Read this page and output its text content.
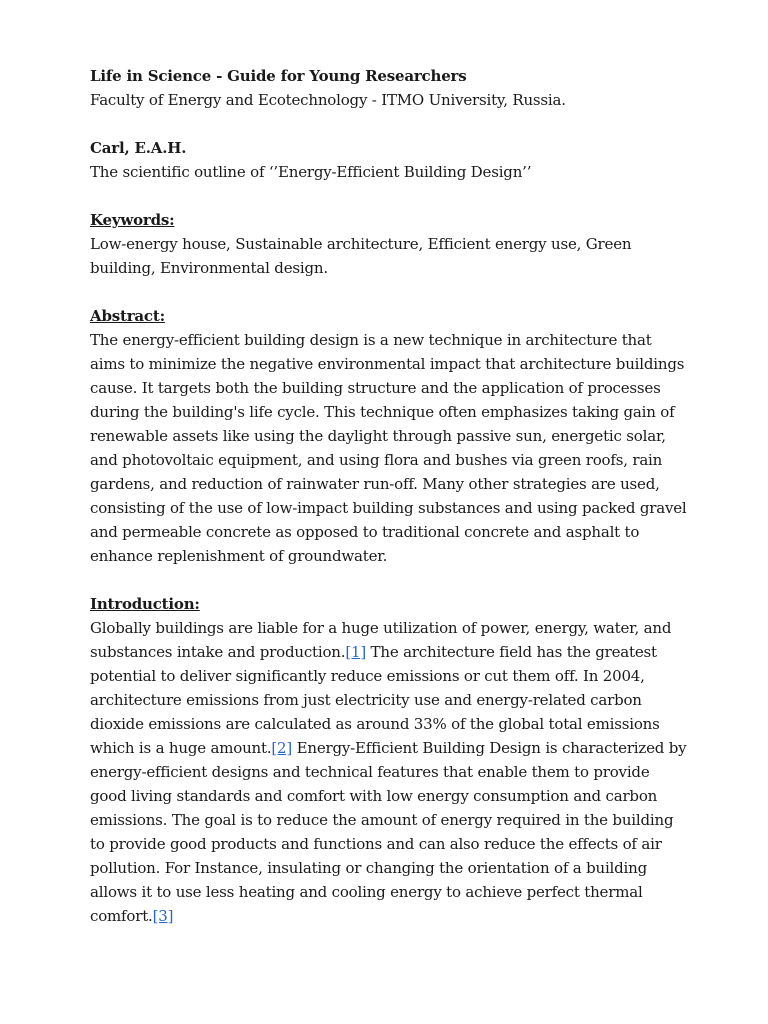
Life in Science - Guide for Young Researchers

Faculty of Energy and Ecotechnology - ITMO University, Russia.

Carl, E.A.H.

The scientific outline of ‘’Energy-Efficient Building Design’’

Keywords:

Low-energy house, Sustainable architecture, Efficient energy use, Green building, Environmental design.

Abstract:

The energy-efficient building design is a new technique in architecture that aims to minimize the negative environmental impact that architecture buildings cause. It targets both the building structure and the application of processes during the building's life cycle. This technique often emphasizes taking gain of renewable assets like using the daylight through passive sun, energetic solar, and photovoltaic equipment, and using flora and bushes via green roofs, rain gardens, and reduction of rainwater run-off. Many other strategies are used, consisting of the use of low-impact building substances and using packed gravel and permeable concrete as opposed to traditional concrete and asphalt to enhance replenishment of groundwater.

Introduction:

Globally buildings are liable for a huge utilization of power, energy, water, and substances intake and production.[1] The architecture field has the greatest potential to deliver significantly reduce emissions or cut them off. In 2004, architecture emissions from just electricity use and energy-related carbon dioxide emissions are calculated as around 33% of the global total emissions which is a huge amount.[2] Energy-Efficient Building Design is characterized by energy-efficient designs and technical features that enable them to provide good living standards and comfort with low energy consumption and carbon emissions. The goal is to reduce the amount of energy required in the building to provide good products and functions and can also reduce the effects of air pollution. For Instance, insulating or changing the orientation of a building allows it to use less heating and cooling energy to achieve perfect thermal comfort.[3]
